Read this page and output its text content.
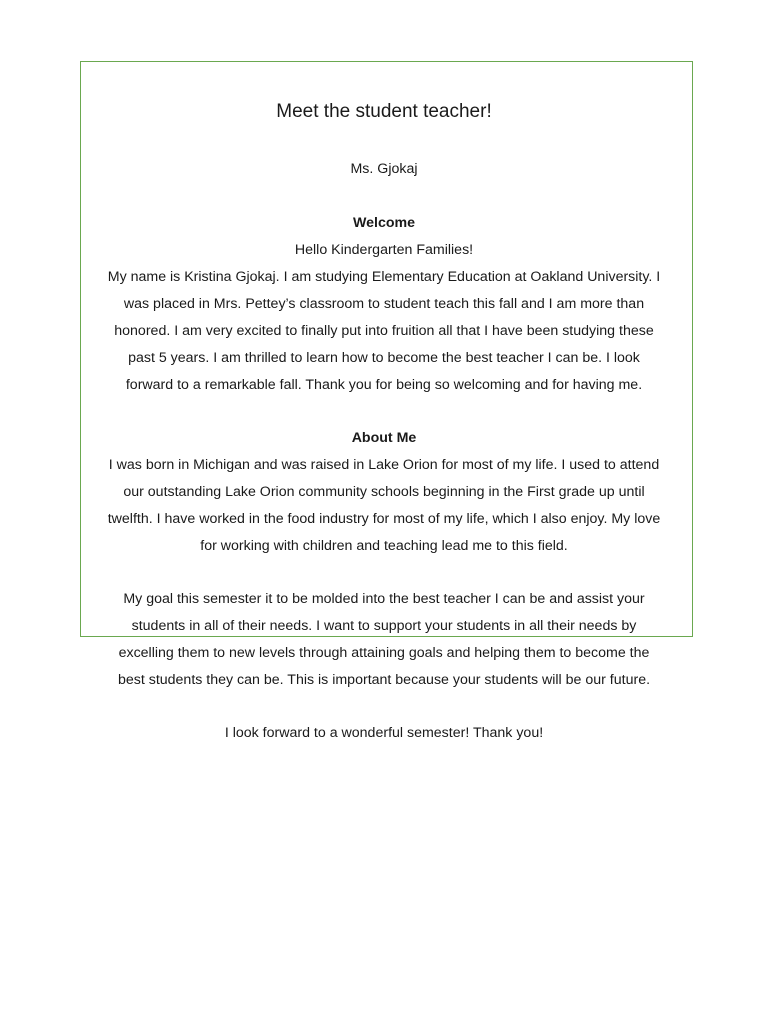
Meet the student teacher!

Ms. Gjokaj

Welcome

Hello Kindergarten Families!

My name is Kristina Gjokaj. I am studying Elementary Education at Oakland University. I

was placed in Mrs. Pettey’s classroom to student teach this fall and I am more than

honored. I am very excited to finally put into fruition all that I have been studying these

past 5 years. I am thrilled to learn how to become the best teacher I can be. I look

forward to a remarkable fall. Thank you for being so welcoming and for having me.

About Me

I was born in Michigan and was raised in Lake Orion for most of my life. I used to attend

our outstanding Lake Orion community schools beginning in the First grade up until

twelfth. I have worked in the food industry for most of my life, which I also enjoy. My love

for working with children and teaching lead me to this field.

My goal this semester it to be molded into the best teacher I can be and assist your

students in all of their needs. I want to support your students in all their needs by

excelling them to new levels through attaining goals and helping them to become the

best students they can be. This is important because your students will be our future.

I look forward to a wonderful semester! Thank you!
